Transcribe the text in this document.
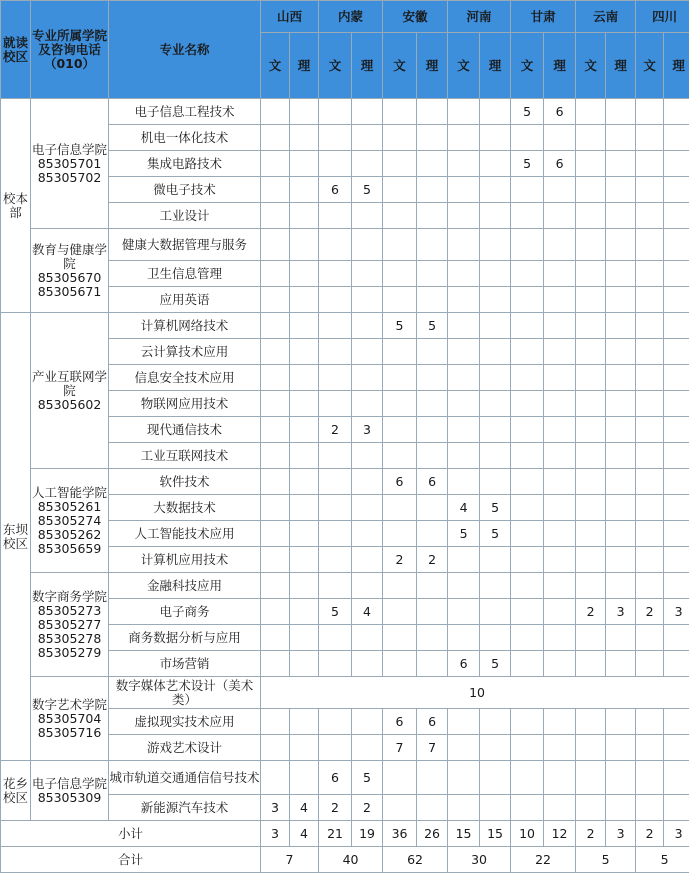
就读校区	专业所属学院及咨询电话（010）	专业名称	山西		内蒙		安徽		河南		甘肃		云南		四川	
			文	理	文	理	文	理	文	理	文	理	文	理	文	理
校本部	电子信息学院 85305701 85305702	电子信息工程技术									5	6				
		机电一体化技术														
		集成电路技术									5	6				
		微电子技术			6	5										
		工业设计														
	教育与健康学院 85305670 85305671	健康大数据管理与服务														
		卫生信息管理														
		应用英语														
东坝校区	产业互联网学院 85305602	计算机网络技术					5	5								
		云计算技术应用														
		信息安全技术应用														
		物联网应用技术														
		现代通信技术			2	3										
		工业互联网技术														
	人工智能学院 85305261 85305274 85305262 85305659	软件技术					6	6								
		大数据技术							4	5						
		人工智能技术应用							5	5						
		计算机应用技术					2	2								
	数字商务学院 85305273 85305277 85305278 85305279	金融科技应用														
		电子商务			5	4							2	3	2	3
		商务数据分析与应用														
		市场营销							6	5						
	数字艺术学院 85305704 85305716	数字媒体艺术设计（美术类）	10													
		虚拟现实技术应用					6	6								
		游戏艺术设计					7	7								
花乡校区	电子信息学院 85305309	城市轨道交通通信信号技术			6	5										
		新能源汽车技术	3	4	2	2										
小计			3	4	21	19	36	26	15	15	10	12	2	3	2	3
合计			7		40		62		30		22		5		5	
